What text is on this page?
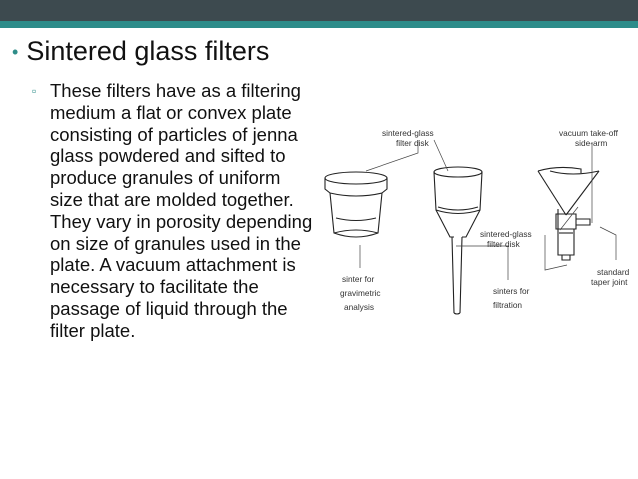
• Sintered glass filters
▫ These filters have as a filtering medium a flat or convex plate consisting of particles of jenna glass powdered and sifted to produce granules of uniform size that are molded together. They vary in porosity depending on size of granules used in the plate. A vacuum attachment is necessary to facilitate the passage of liquid through the filter plate.
sintered-glass
filter disk
vacuum take-off
side-arm
sintered-glass
filter disk
standard
taper joint
sinter for
gravimetric
analysis
sinters for
filtration
